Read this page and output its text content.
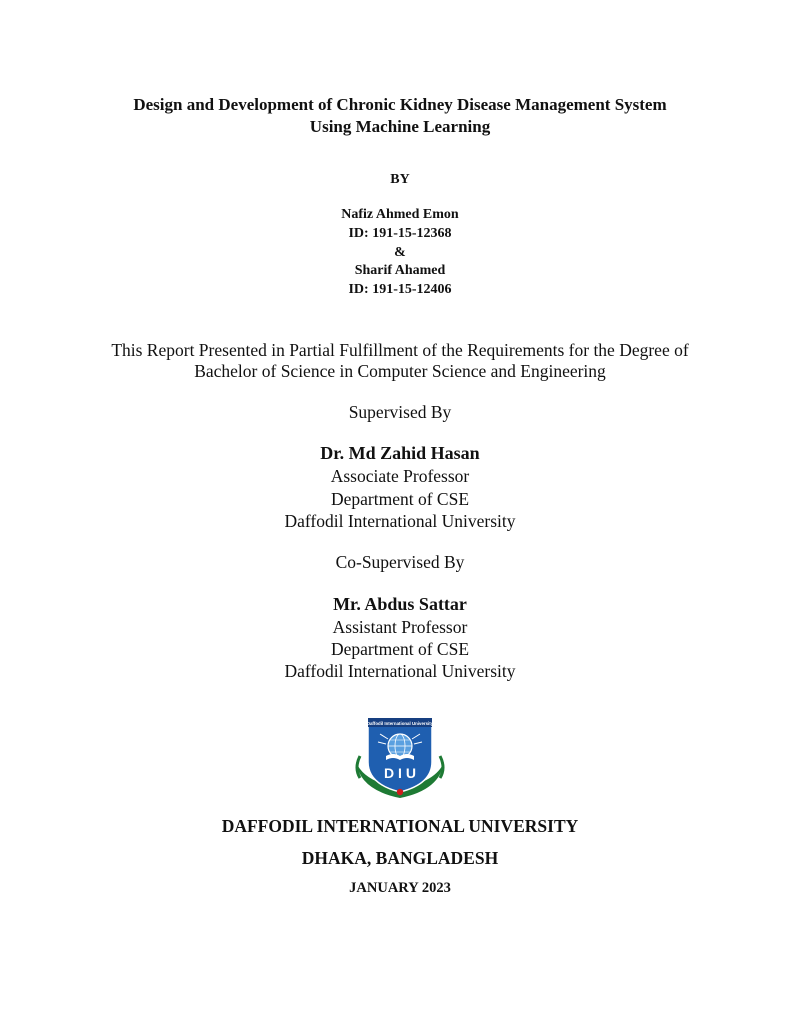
Design and Development of Chronic Kidney Disease Management System
Using Machine Learning
BY
Nafiz Ahmed Emon
ID: 191-15-12368
&
Sharif Ahamed
ID: 191-15-12406
This Report Presented in Partial Fulfillment of the Requirements for the Degree of
Bachelor of Science in Computer Science and Engineering
Supervised By
Dr. Md Zahid Hasan
Associate Professor
Department of CSE
Daffodil International University
Co-Supervised By
Mr. Abdus Sattar
Assistant Professor
Department of CSE
Daffodil International University
Daffodil International University
D I U
DAFFODIL INTERNATIONAL UNIVERSITY
DHAKA, BANGLADESH
JANUARY 2023
